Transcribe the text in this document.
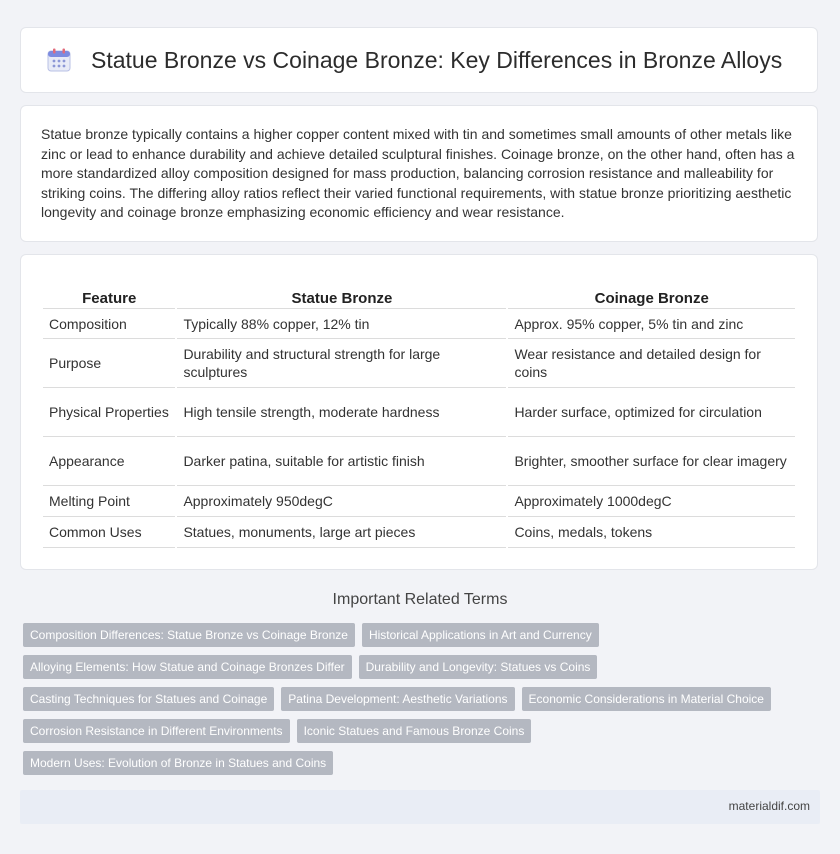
Statue Bronze vs Coinage Bronze: Key Differences in Bronze Alloys

Statue bronze typically contains a higher copper content mixed with tin and sometimes small amounts of other metals like zinc or lead to enhance durability and achieve detailed sculptural finishes. Coinage bronze, on the other hand, often has a more standardized alloy composition designed for mass production, balancing corrosion resistance and malleability for striking coins. The differing alloy ratios reflect their varied functional requirements, with statue bronze prioritizing aesthetic longevity and coinage bronze emphasizing economic efficiency and wear resistance.

Feature	Statue Bronze	Coinage Bronze
Composition	Typically 88% copper, 12% tin	Approx. 95% copper, 5% tin and zinc
Purpose	Durability and structural strength for large sculptures	Wear resistance and detailed design for coins
Physical Properties	High tensile strength, moderate hardness	Harder surface, optimized for circulation
Appearance	Darker patina, suitable for artistic finish	Brighter, smoother surface for clear imagery
Melting Point	Approximately 950degC	Approximately 1000degC
Common Uses	Statues, monuments, large art pieces	Coins, medals, tokens
Important Related Terms
Composition Differences: Statue Bronze vs Coinage Bronze	Historical Applications in Art and Currency
Alloying Elements: How Statue and Coinage Bronzes Differ	Durability and Longevity: Statues vs Coins
Casting Techniques for Statues and Coinage	Patina Development: Aesthetic Variations	Economic Considerations in Material Choice
Corrosion Resistance in Different Environments	Iconic Statues and Famous Bronze Coins
Modern Uses: Evolution of Bronze in Statues and Coins
materialdif.com
